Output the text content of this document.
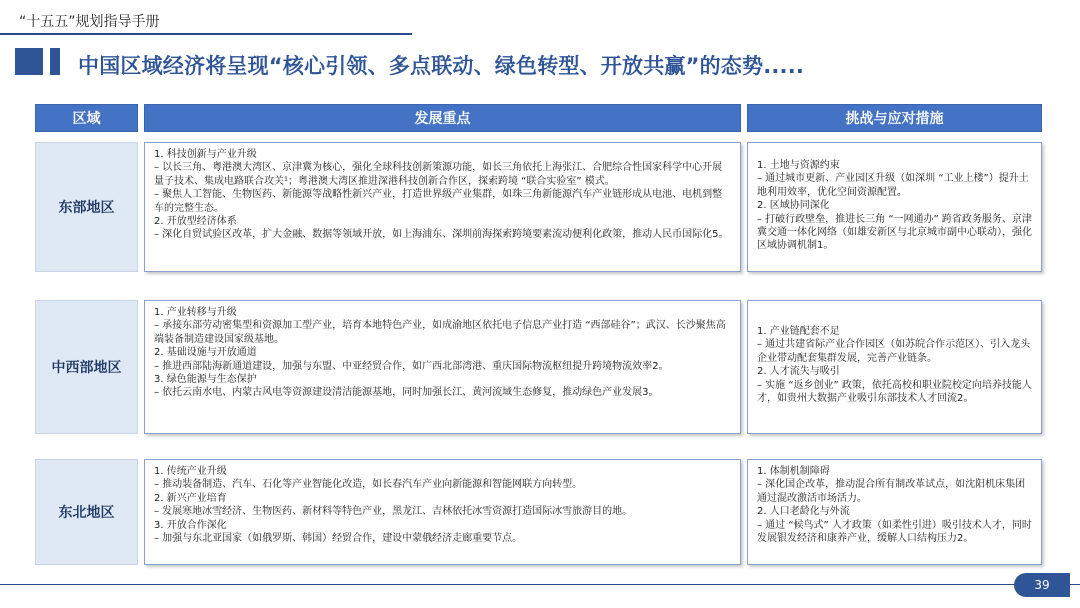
“十五五”规划指导手册
中国区域经济将呈现“核心引领、多点联动、绿色转型、开放共赢”的态势.....
区域	发展重点	挑战与应对措施
东部地区
1. 科技创新与产业升级
– 以长三角、粤港澳大湾区、京津冀为核心，强化全球科技创新策源功能，如长三角依托上海张江、合肥综合性国家科学中心开展量子技术、集成电路联合攻关¹；粤港澳大湾区推进深港科技创新合作区，探索跨境 “联合实验室” 模式。
– 聚焦人工智能、生物医药、新能源等战略性新兴产业，打造世界级产业集群，如珠三角新能源汽车产业链形成从电池、电机到整车的完整生态。
2. 开放型经济体系
– 深化自贸试验区改革，扩大金融、数据等领域开放，如上海浦东、深圳前海探索跨境要素流动便利化政策，推动人民币国际化5。
1. 土地与资源约束
– 通过城市更新、产业园区升级（如深圳 “工业上楼”）提升土地利用效率，优化空间资源配置。
2. 区域协同深化
– 打破行政壁垒，推进长三角 “一网通办” 跨省政务服务、京津冀交通一体化网络（如雄安新区与北京城市副中心联动），强化区域协调机制1。
中西部地区
1. 产业转移与升级
– 承接东部劳动密集型和资源加工型产业，培育本地特色产业，如成渝地区依托电子信息产业打造 “西部硅谷”；武汉、长沙聚焦高端装备制造建设国家级基地。
2. 基础设施与开放通道
– 推进西部陆海新通道建设，加强与东盟、中亚经贸合作，如广西北部湾港、重庆国际物流枢纽提升跨境物流效率2。
3. 绿色能源与生态保护
– 依托云南水电、内蒙古风电等资源建设清洁能源基地，同时加强长江、黄河流域生态修复，推动绿色产业发展3。
1. 产业链配套不足
– 通过共建省际产业合作园区（如苏皖合作示范区）、引入龙头企业带动配套集群发展，完善产业链条。
2. 人才流失与吸引
– 实施 “返乡创业” 政策，依托高校和职业院校定向培养技能人才，如贵州大数据产业吸引东部技术人才回流2。
东北地区
1. 传统产业升级
– 推动装备制造、汽车、石化等产业智能化改造，如长春汽车产业向新能源和智能网联方向转型。
2. 新兴产业培育
– 发展寒地冰雪经济、生物医药、新材料等特色产业，黑龙江、吉林依托冰雪资源打造国际冰雪旅游目的地。
3. 开放合作深化
– 加强与东北亚国家（如俄罗斯、韩国）经贸合作，建设中蒙俄经济走廊重要节点。
1. 体制机制障碍
– 深化国企改革，推动混合所有制改革试点，如沈阳机床集团通过混改激活市场活力。
2. 人口老龄化与外流
– 通过 “候鸟式” 人才政策（如柔性引进）吸引技术人才，同时发展银发经济和康养产业，缓解人口结构压力2。
39
